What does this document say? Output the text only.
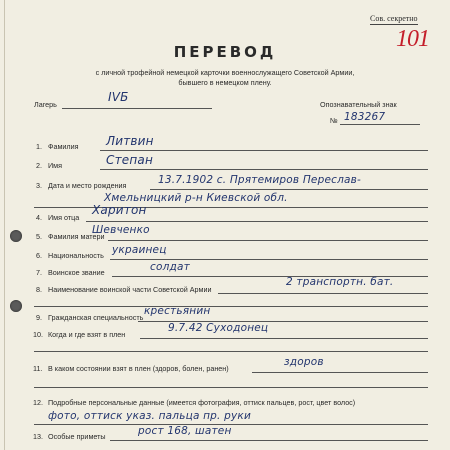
Сов. секретно
101
ПЕРЕВОД
с личной трофейной немецкой карточки военнослужащего Советской Армии,
бывшего в немецком плену.
Лагерь
IVБ
Опознавательный знак
№ 183267
1. Фамилия Литвин
2. Имя	Степан
3. Дата и место рождения	13.7.1902 с. Прятемиров Переслав-
Хмельницкий р-н Киевской обл.
4. Имя отца
Харитон
5. Фамилия матери
Шевченко
6. Национальность украинец
7. Воинское звание	солдат
8. Наименование воинской части Советской Армии
2 транспортн. бат.
9. Гражданская специальность
крестьянин
10. Когда и где взят в плен
9.7.42 Суходонец
11. В каком состоянии взят в плен (здоров, болен, ранен)
здоров
12. Подробные персональные данные (имеется фотография, оттиск пальцев, рост, цвет волос)
фото, оттиск указ. пальца пр. руки
13. Особые приметы	рост 168, шатен
